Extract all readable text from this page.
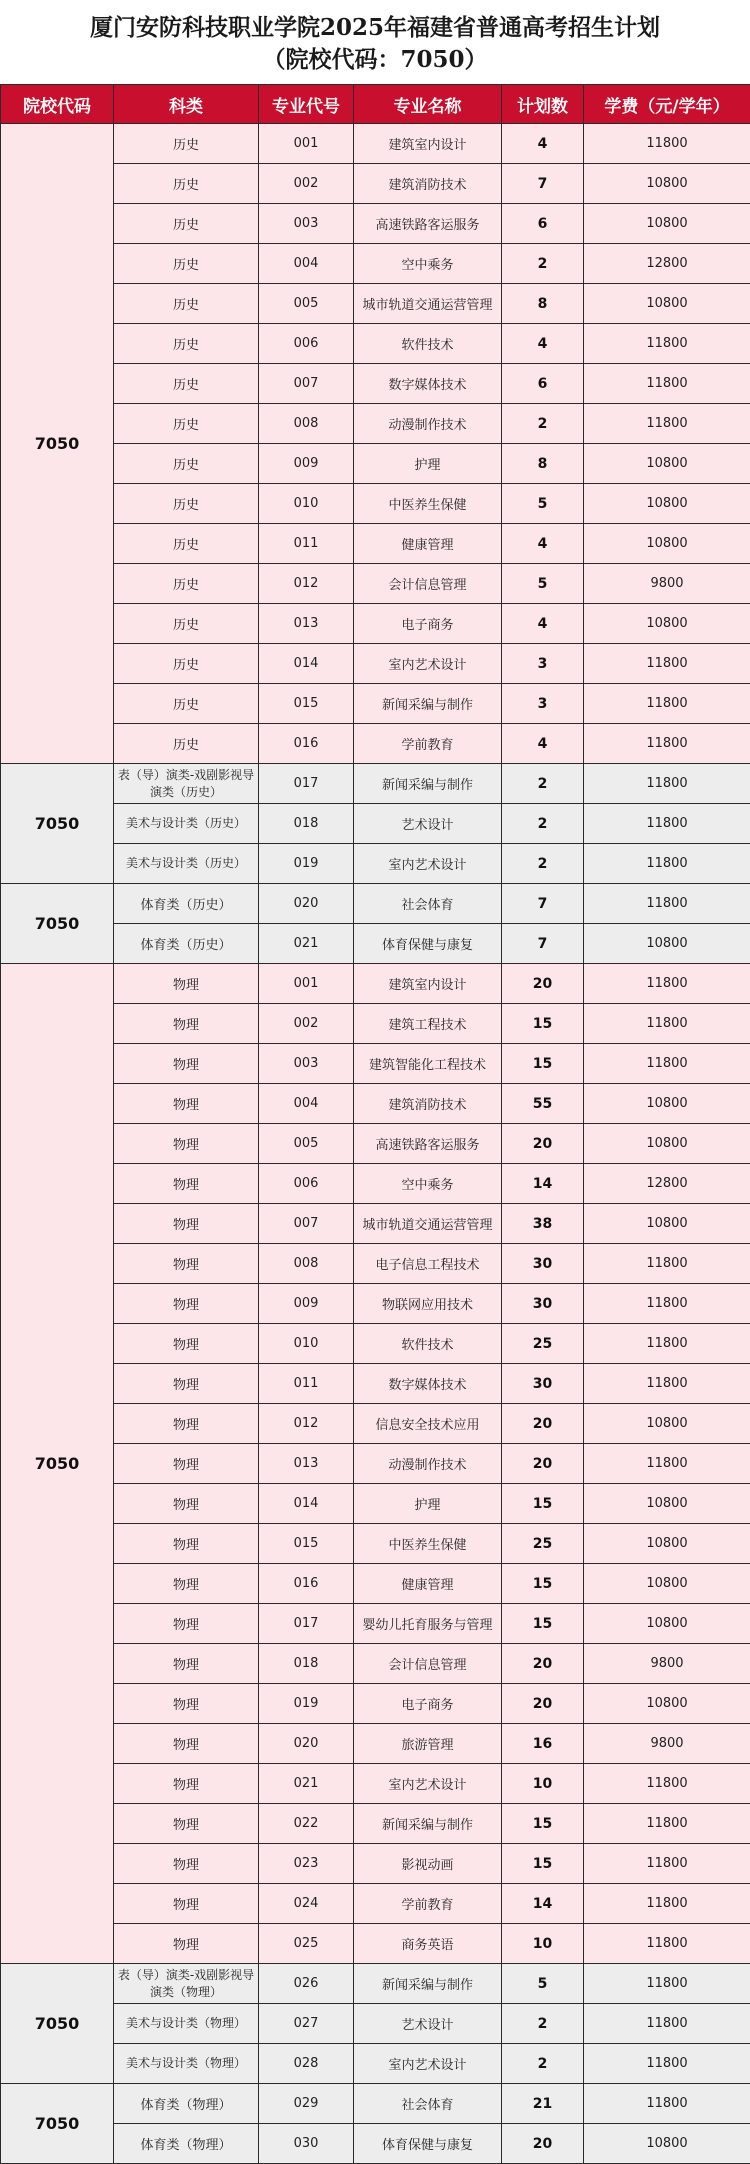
厦门安防科技职业学院2025年福建省普通高考招生计划
（院校代码：7050）
院校代码	科类	专业代号	专业名称	计划数	学费（元/学年）
7050	历史	001	建筑室内设计	4	11800
	历史	002	建筑消防技术	7	10800
	历史	003	高速铁路客运服务	6	10800
	历史	004	空中乘务	2	12800
	历史	005	城市轨道交通运营管理	8	10800
	历史	006	软件技术	4	11800
	历史	007	数字媒体技术	6	11800
	历史	008	动漫制作技术	2	11800
	历史	009	护理	8	10800
	历史	010	中医养生保健	5	10800
	历史	011	健康管理	4	10800
	历史	012	会计信息管理	5	9800
	历史	013	电子商务	4	10800
	历史	014	室内艺术设计	3	11800
	历史	015	新闻采编与制作	3	11800
	历史	016	学前教育	4	11800
7050	表（导）演类-戏剧影视导演类（历史）	017	新闻采编与制作	2	11800
	美术与设计类（历史）	018	艺术设计	2	11800
	美术与设计类（历史）	019	室内艺术设计	2	11800
7050	体育类（历史）	020	社会体育	7	11800
	体育类（历史）	021	体育保健与康复	7	10800
7050	物理	001	建筑室内设计	20	11800
	物理	002	建筑工程技术	15	11800
	物理	003	建筑智能化工程技术	15	11800
	物理	004	建筑消防技术	55	10800
	物理	005	高速铁路客运服务	20	10800
	物理	006	空中乘务	14	12800
	物理	007	城市轨道交通运营管理	38	10800
	物理	008	电子信息工程技术	30	11800
	物理	009	物联网应用技术	30	11800
	物理	010	软件技术	25	11800
	物理	011	数字媒体技术	30	11800
	物理	012	信息安全技术应用	20	10800
	物理	013	动漫制作技术	20	11800
	物理	014	护理	15	10800
	物理	015	中医养生保健	25	10800
	物理	016	健康管理	15	10800
	物理	017	婴幼儿托育服务与管理	15	10800
	物理	018	会计信息管理	20	9800
	物理	019	电子商务	20	10800
	物理	020	旅游管理	16	9800
	物理	021	室内艺术设计	10	11800
	物理	022	新闻采编与制作	15	11800
	物理	023	影视动画	15	11800
	物理	024	学前教育	14	11800
	物理	025	商务英语	10	11800
7050	表（导）演类-戏剧影视导演类（物理）	026	新闻采编与制作	5	11800
	美术与设计类（物理）	027	艺术设计	2	11800
	美术与设计类（物理）	028	室内艺术设计	2	11800
7050	体育类（物理）	029	社会体育	21	11800
	体育类（物理）	030	体育保健与康复	20	10800
